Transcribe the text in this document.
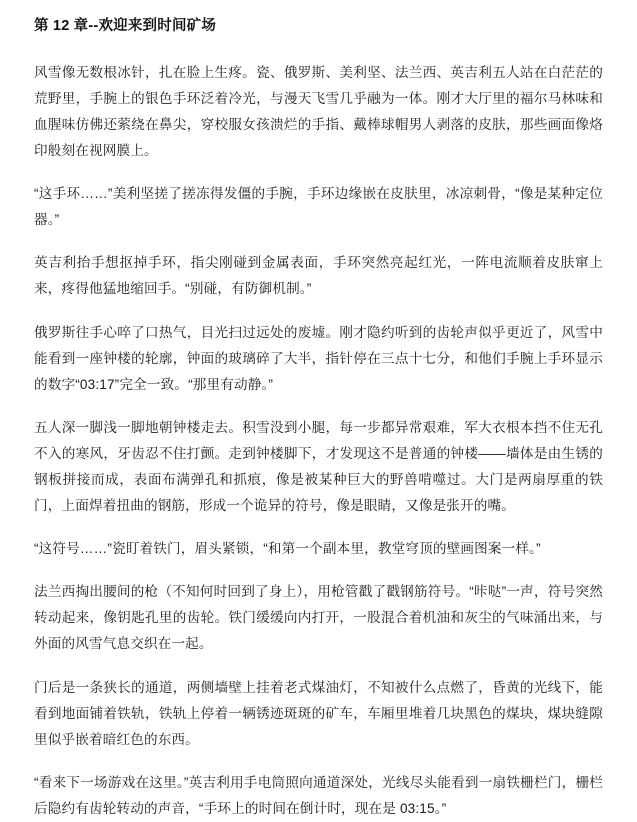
第 12 章--欢迎来到时间矿场

风雪像无数根冰针，扎在脸上生疼。瓷、俄罗斯、美利坚、法兰西、英吉利五人站在白茫茫的荒野里，手腕上的银色手环泛着冷光，与漫天飞雪几乎融为一体。刚才大厅里的福尔马林味和血腥味仿佛还萦绕在鼻尖，穿校服女孩溃烂的手指、戴棒球帽男人剥落的皮肤，那些画面像烙印般刻在视网膜上。

“这手环……”美利坚搓了搓冻得发僵的手腕，手环边缘嵌在皮肤里，冰凉刺骨，“像是某种定位器。”

英吉利抬手想抠掉手环，指尖刚碰到金属表面，手环突然亮起红光，一阵电流顺着皮肤窜上来，疼得他猛地缩回手。“别碰，有防御机制。”

俄罗斯往手心啐了口热气，目光扫过远处的废墟。刚才隐约听到的齿轮声似乎更近了，风雪中能看到一座钟楼的轮廓，钟面的玻璃碎了大半，指针停在三点十七分，和他们手腕上手环显示的数字“03:17”完全一致。“那里有动静。”

五人深一脚浅一脚地朝钟楼走去。积雪没到小腿，每一步都异常艰难，军大衣根本挡不住无孔不入的寒风，牙齿忍不住打颤。走到钟楼脚下，才发现这不是普通的钟楼——墙体是由生锈的钢板拼接而成，表面布满弹孔和抓痕，像是被某种巨大的野兽啃噬过。大门是两扇厚重的铁门，上面焊着扭曲的钢筋，形成一个诡异的符号，像是眼睛，又像是张开的嘴。

“这符号……”瓷盯着铁门，眉头紧锁，“和第一个副本里，教堂穹顶的壁画图案一样。”

法兰西掏出腰间的枪（不知何时回到了身上），用枪管戳了戳钢筋符号。“咔哒”一声，符号突然转动起来，像钥匙孔里的齿轮。铁门缓缓向内打开，一股混合着机油和灰尘的气味涌出来，与外面的风雪气息交织在一起。

门后是一条狭长的通道，两侧墙壁上挂着老式煤油灯，不知被什么点燃了，昏黄的光线下，能看到地面铺着铁轨，铁轨上停着一辆锈迹斑斑的矿车，车厢里堆着几块黑色的煤块，煤块缝隙里似乎嵌着暗红色的东西。

“看来下一场游戏在这里。”英吉利用手电筒照向通道深处，光线尽头能看到一扇铁栅栏门，栅栏后隐约有齿轮转动的声音，“手环上的时间在倒计时，现在是 03:15。”
